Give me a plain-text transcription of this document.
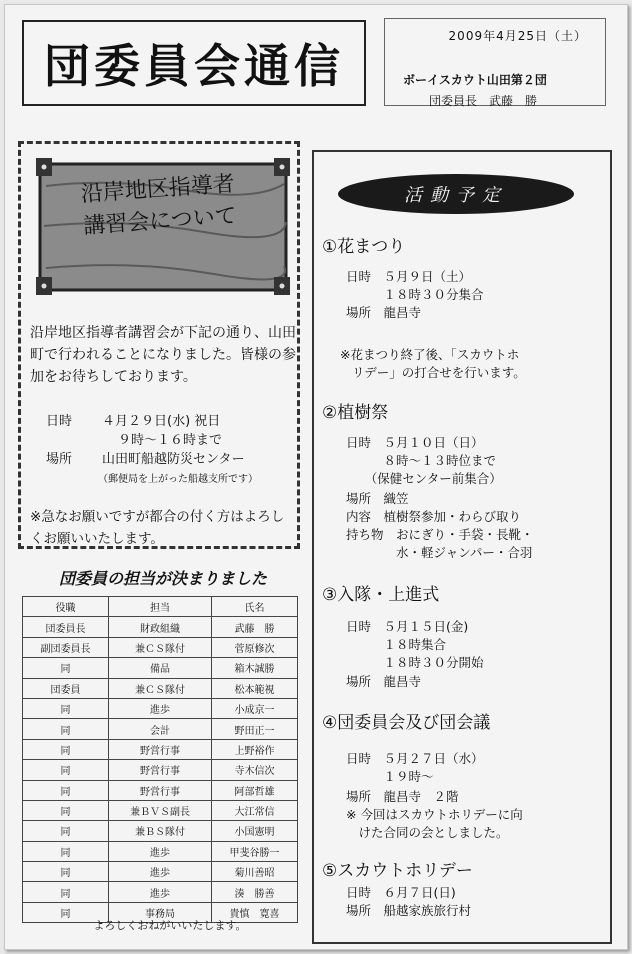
団委員会通信
2009年4月25日（土）
ボーイスカウト山田第２団
団委員長　武藤　勝
沿岸地区指導者
講習会について
沿岸地区指導者講習会が下記の通り、山田町で行われることになりました。皆様の参加をお待ちしております。
日時 ４月２９日(水) 祝日
９時～１６時まで
場所 山田町船越防災センター
（郵便局を上がった船越支所です）
※急なお願いですが都合の付く方はよろしくお願いいたします。
団委員の担当が決まりました
役職	担当	氏名
団委員長	財政組織	武藤　勝
副団委員長	兼ＣＳ隊付	菅原修次
同	備品	箱木誠勝
団委員	兼ＣＳ隊付	松本範視
同	進歩	小成京一
同	会計	野田正一
同	野営行事	上野裕作
同	野営行事	寺木信次
同	野営行事	阿部哲雄
同	兼ＢＶＳ副長	大江常信
同	兼ＢＳ隊付	小国憲明
同	進歩	甲斐谷勝一
同	進歩	菊川善昭
同	進歩	湊　勝善
同	事務局	貴慎　寛喜
よろしくおねがいいたします。
活動予定
①花まつり
日時　５月９日（土）
　　　１８時３０分集合
場所　龍昌寺
※花まつり終了後、「スカウトホ
リデー」の打合せを行います。
②植樹祭
日時　５月１０日（日）
　　　８時～１３時位まで
　　（保健センター前集合）
場所　織笠
内容　植樹祭参加・わらび取り
持ち物　おにぎり・手袋・長靴・
　　　　水・軽ジャンパー・合羽
③入隊・上進式
日時　５月１５日(金)
　　　１８時集合
　　　１８時３０分開始
場所　龍昌寺
④団委員会及び団会議
日時　５月２７日（水）
　　　１９時～
場所　龍昌寺　２階
※ 今回はスカウトホリデーに向
　けた合同の会としました。
⑤スカウトホリデー
日時　６月７日(日)
場所　船越家族旅行村
